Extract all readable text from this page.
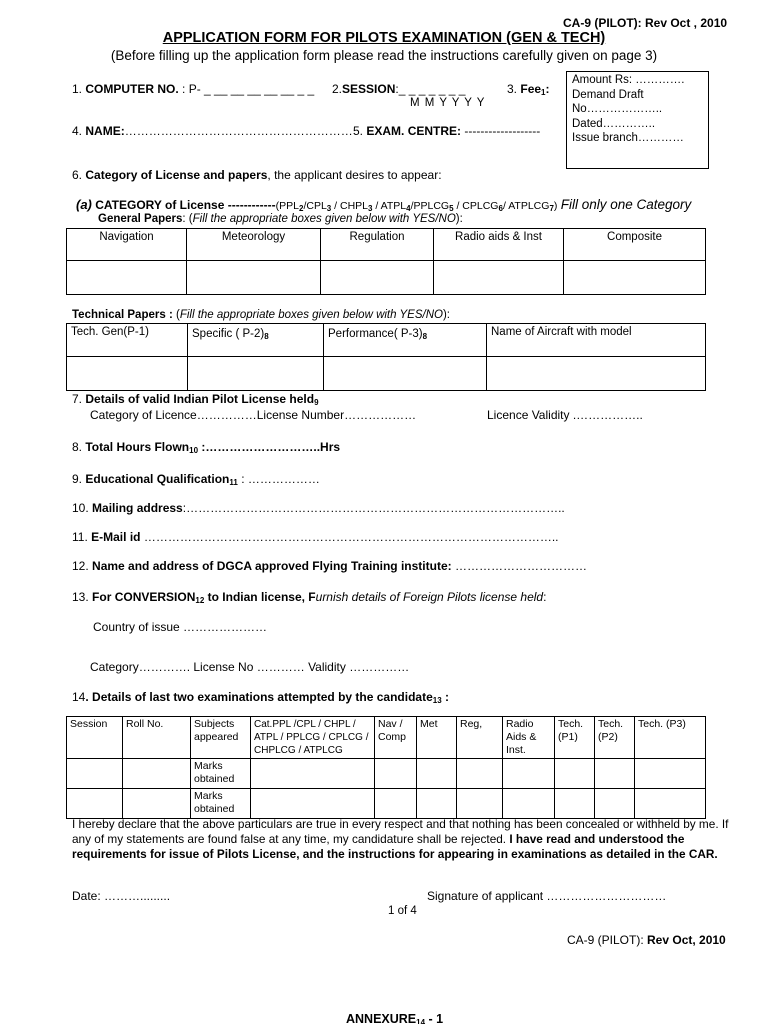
CA-9 (PILOT): Rev Oct , 2010
APPLICATION FORM FOR PILOTS EXAMINATION (GEN & TECH)
(Before filling up the application form please read the instructions carefully given on page 3)
Amount Rs: ………….
Demand Draft
No………………..
Dated…………..
Issue branch…………
1. COMPUTER NO. : P- _ __ __ __ __ __ _ _ 2.SESSION:_ _ _ _ _ _ _
M M Y Y Y Y
3. Fee$_1$:
4. NAME:………………………………………………… 5. EXAM. CENTRE: -------------------
6. Category of License and papers, the applicant desires to appear:
(a) CATEGORY of License $------------(PPL_2/CPL_3$ / $CHPL_3$ / $ATPL_4/PPLCG_5$ / $CPLCG_6/$ $ATPLCG_7$) Fill only one Category
General Papers: (Fill the appropriate boxes given below with YES/NO):
Navigation	Meteorology	Regulation	Radio aids & Inst	Composite

Technical Papers : (Fill the appropriate boxes given below with YES/NO):
Tech. Gen(P-1)	Specific ( $P-2)_8$	Performance( $P-3)_8$	Name of Aircraft with model

7. Details of valid Indian Pilot License held$_9$
Category of Licence……………License Number………………	Licence Validity .……………..
8. Total Hours Flown$_{10}$ :………………………..Hrs
9. Educational Qualification$_{11}$ : ………………
10. Mailing address:…………………………………………………………………………………..
11. E-Mail id …………………………………………………………………………………………..
12. Name and address of DGCA approved Flying Training institute: ……………………………
13. For $CONVERSION_{12}$ to Indian license, Furnish details of Foreign Pilots license held:
Country of issue …………………
Category…………. License No ………… Validity ……………
14. Details of last two examinations attempted by the candidate$_{13}$ :
Session	Roll No.	Subjects appeared	Cat.PPL /CPL / CHPL / ATPL / PPLCG / CPLCG / CHPLCG / ATPLCG	Nav / Comp	Met	Reg,	Radio Aids & Inst.	Tech. (P1)	Tech. (P2)	Tech. (P3)
		Marks obtained								
		Marks obtained								
I hereby declare that the above particulars are true in every respect and that nothing has been concealed or withheld by me. If any of my statements are found false at any time, my candidature shall be rejected. I have read and understood the requirements for issue of Pilots License, and the instructions for appearing in examinations as detailed in the CAR.
Date: ……….........	Signature of applicant …………………………
1 of 4
CA-9 (PILOT): Rev Oct, 2010
$ANNEXURE_{14} - 1$
